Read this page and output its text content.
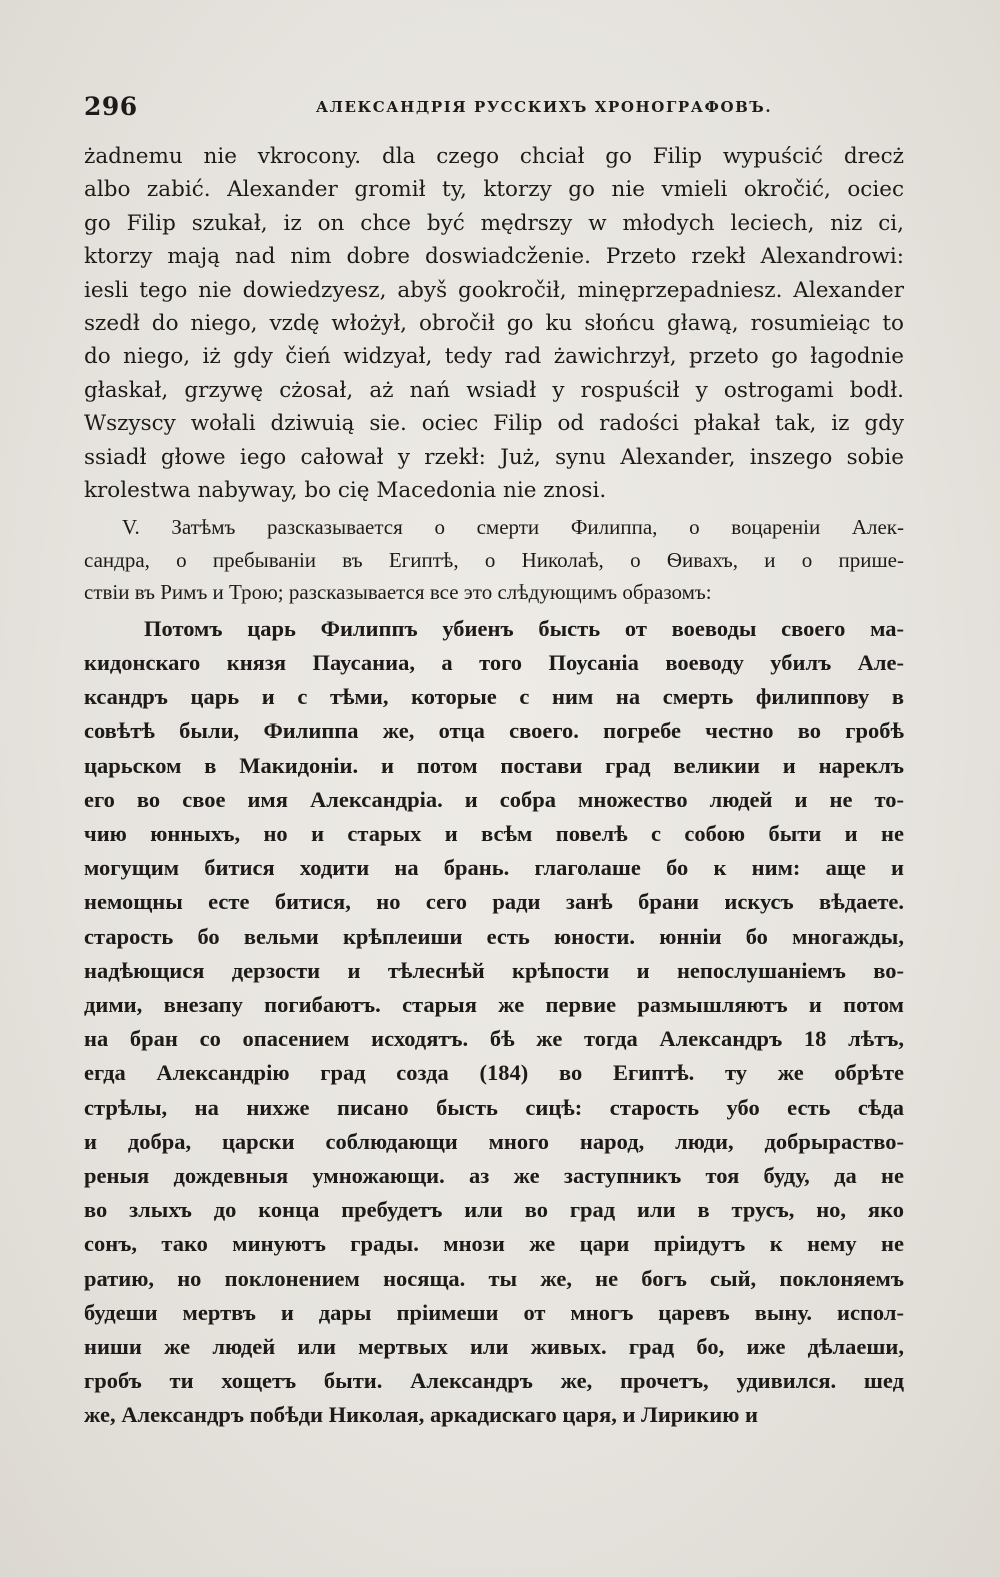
296	АЛЕКСАНДРІЯ РУССКИХЪ ХРОНОГРАФОВЪ.
żadnemu nie vkrocony. dla czego chciał go Filip wypuścić drecż
albo zabić. Alexander gromił ty, ktorzy go nie vmieli okročić, ociec
go Filip szukał, iz on chce być mędrszy w młodych leciech, niz ci,
ktorzy mają nad nim dobre doswiadcženie. Przeto rzekł Alexandrowi:
iesli tego nie dowiedzyesz, abyš gookročił, minęprzepadniesz. Alexander
szedł do niego, vzdę włożył, obročił go ku słońcu gławą, rosumieiąc to
do niego, iż gdy čień widzyał, tedy rad żawichrzył, przeto go łagodnie
głaskał, grzywę cżosał, aż nań wsiadł y rospuścił y ostrogami bodł.
Wszyscy wołali dziwuią sie. ociec Filip od radości płakał tak, iz gdy
ssiadł głowe iego całował y rzekł: Już, synu Alexander, inszego sobie
krolestwa nabyway, bo cię Macedonia nie znosi.
V. Затѣмъ разсказывается о смерти Филиппа, о воцареніи Алек-
сандра, о пребываніи въ Египтѣ, о Николаѣ, о Ѳивахъ, и о прише-
ствіи въ Римъ и Трою; разсказывается все это слѣдующимъ образомъ:
Потомъ царь Филиппъ убиенъ бысть от воеводы своего ма-
кидонскаго князя Паусаниа, а того Поусаніа воеводу убилъ Але-
ксандръ царь и с тѣми, которые с ним на смерть филиппову в
совѣтѣ были, Филиппа же, отца своего. погребе честно во гробѣ
царьском в Макидоніи. и потом постави град великии и нареклъ
его во свое имя Александріа. и собра множество людей и не то-
чию юнныхъ, но и старых и всѣм повелѣ с собою быти и не
могущим битися ходити на брань. глаголаше бо к ним: аще и
немощны есте битися, но сего ради занѣ брани искусъ вѣдаете.
старость бо вельми крѣплеиши есть юности. юнніи бо многажды,
надѣющися дерзости и тѣлеснѣй крѣпости и непослушаніемъ во-
дими, внезапу погибаютъ. старыя же первие размышляютъ и потом
на бран со опасением исходятъ. бѣ же тогда Александръ 18 лѣтъ,
егда Александрію град созда (184) во Египтѣ. ту же обрѣте
стрѣлы, на нихже писано бысть сицѣ: старость убо есть сѣда
и добра, царски соблюдающи много народ, люди, добрыраство-
реныя дождевныя умножающи. аз же заступникъ тоя буду, да не
во злыхъ до конца пребудетъ или во град или в трусъ, но, яко
сонъ, тако минуютъ грады. мнози же цари пріидутъ к нему не
ратию, но поклонением носяща. ты же, не богъ сый, поклоняемъ
будеши мертвъ и дары пріимеши от многъ царевъ выну. испол-
ниши же людей или мертвых или живых. град бо, иже дѣлаеши,
гробъ ти хощетъ быти. Александръ же, прочетъ, удивился. шед
же, Александръ побѣди Николая, аркадискаго царя, и Лирикию и
